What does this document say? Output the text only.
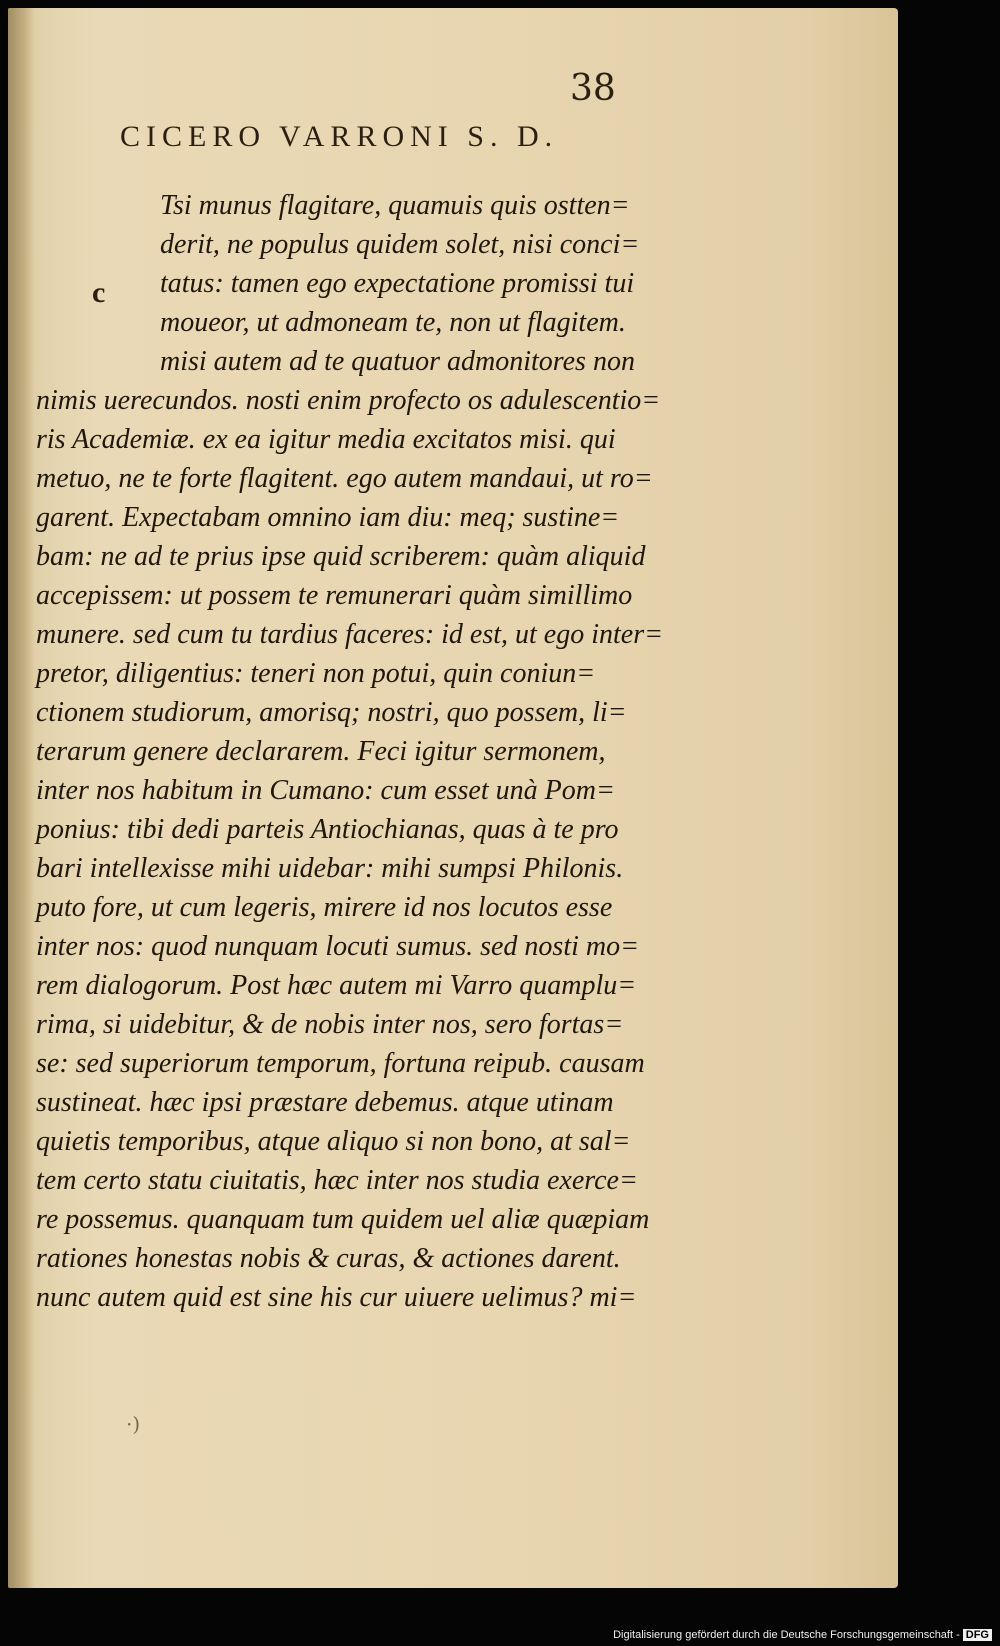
38
CICERO VARRONI S. D.
c
Tsi munus flagitare, quamuis quis ostten=
derit, ne populus quidem solet, nisi conci=
tatus: tamen ego expectatione promissi tui
moueor, ut admoneam te, non ut flagitem.
misi autem ad te quatuor admonitores non
nimis uerecundos. nosti enim profecto os adulescentio=
ris Academiæ. ex ea igitur media excitatos misi. qui
metuo, ne te forte flagitent. ego autem mandaui, ut ro=
garent. Expectabam omnino iam diu: meq; sustine=
bam: ne ad te prius ipse quid scriberem: quàm aliquid
accepissem: ut possem te remunerari quàm simillimo
munere. sed cum tu tardius faceres: id est, ut ego inter=
pretor, diligentius: teneri non potui, quin coniun=
ctionem studiorum, amorisq; nostri, quo possem, li=
terarum genere declararem. Feci igitur sermonem,
inter nos habitum in Cumano: cum esset unà Pom=
ponius: tibi dedi parteis Antiochianas, quas à te pro
bari intellexisse mihi uidebar: mihi sumpsi Philonis.
puto fore, ut cum legeris, mirere id nos locutos esse
inter nos: quod nunquam locuti sumus. sed nosti mo=
rem dialogorum. Post hæc autem mi Varro quamplu=
rima, si uidebitur, & de nobis inter nos, sero fortas=
se: sed superiorum temporum, fortuna reipub. causam
sustineat. hæc ipsi præstare debemus. atque utinam
quietis temporibus, atque aliquo si non bono, at sal=
tem certo statu ciuitatis, hæc inter nos studia exerce=
re possemus. quanquam tum quidem uel aliæ quæpiam
rationes honestas nobis & curas, & actiones darent.
nunc autem quid est sine his cur uiuere uelimus? mi=
·)
Digitalisierung gefördert durch die Deutsche Forschungsgemeinschaft - DFG
